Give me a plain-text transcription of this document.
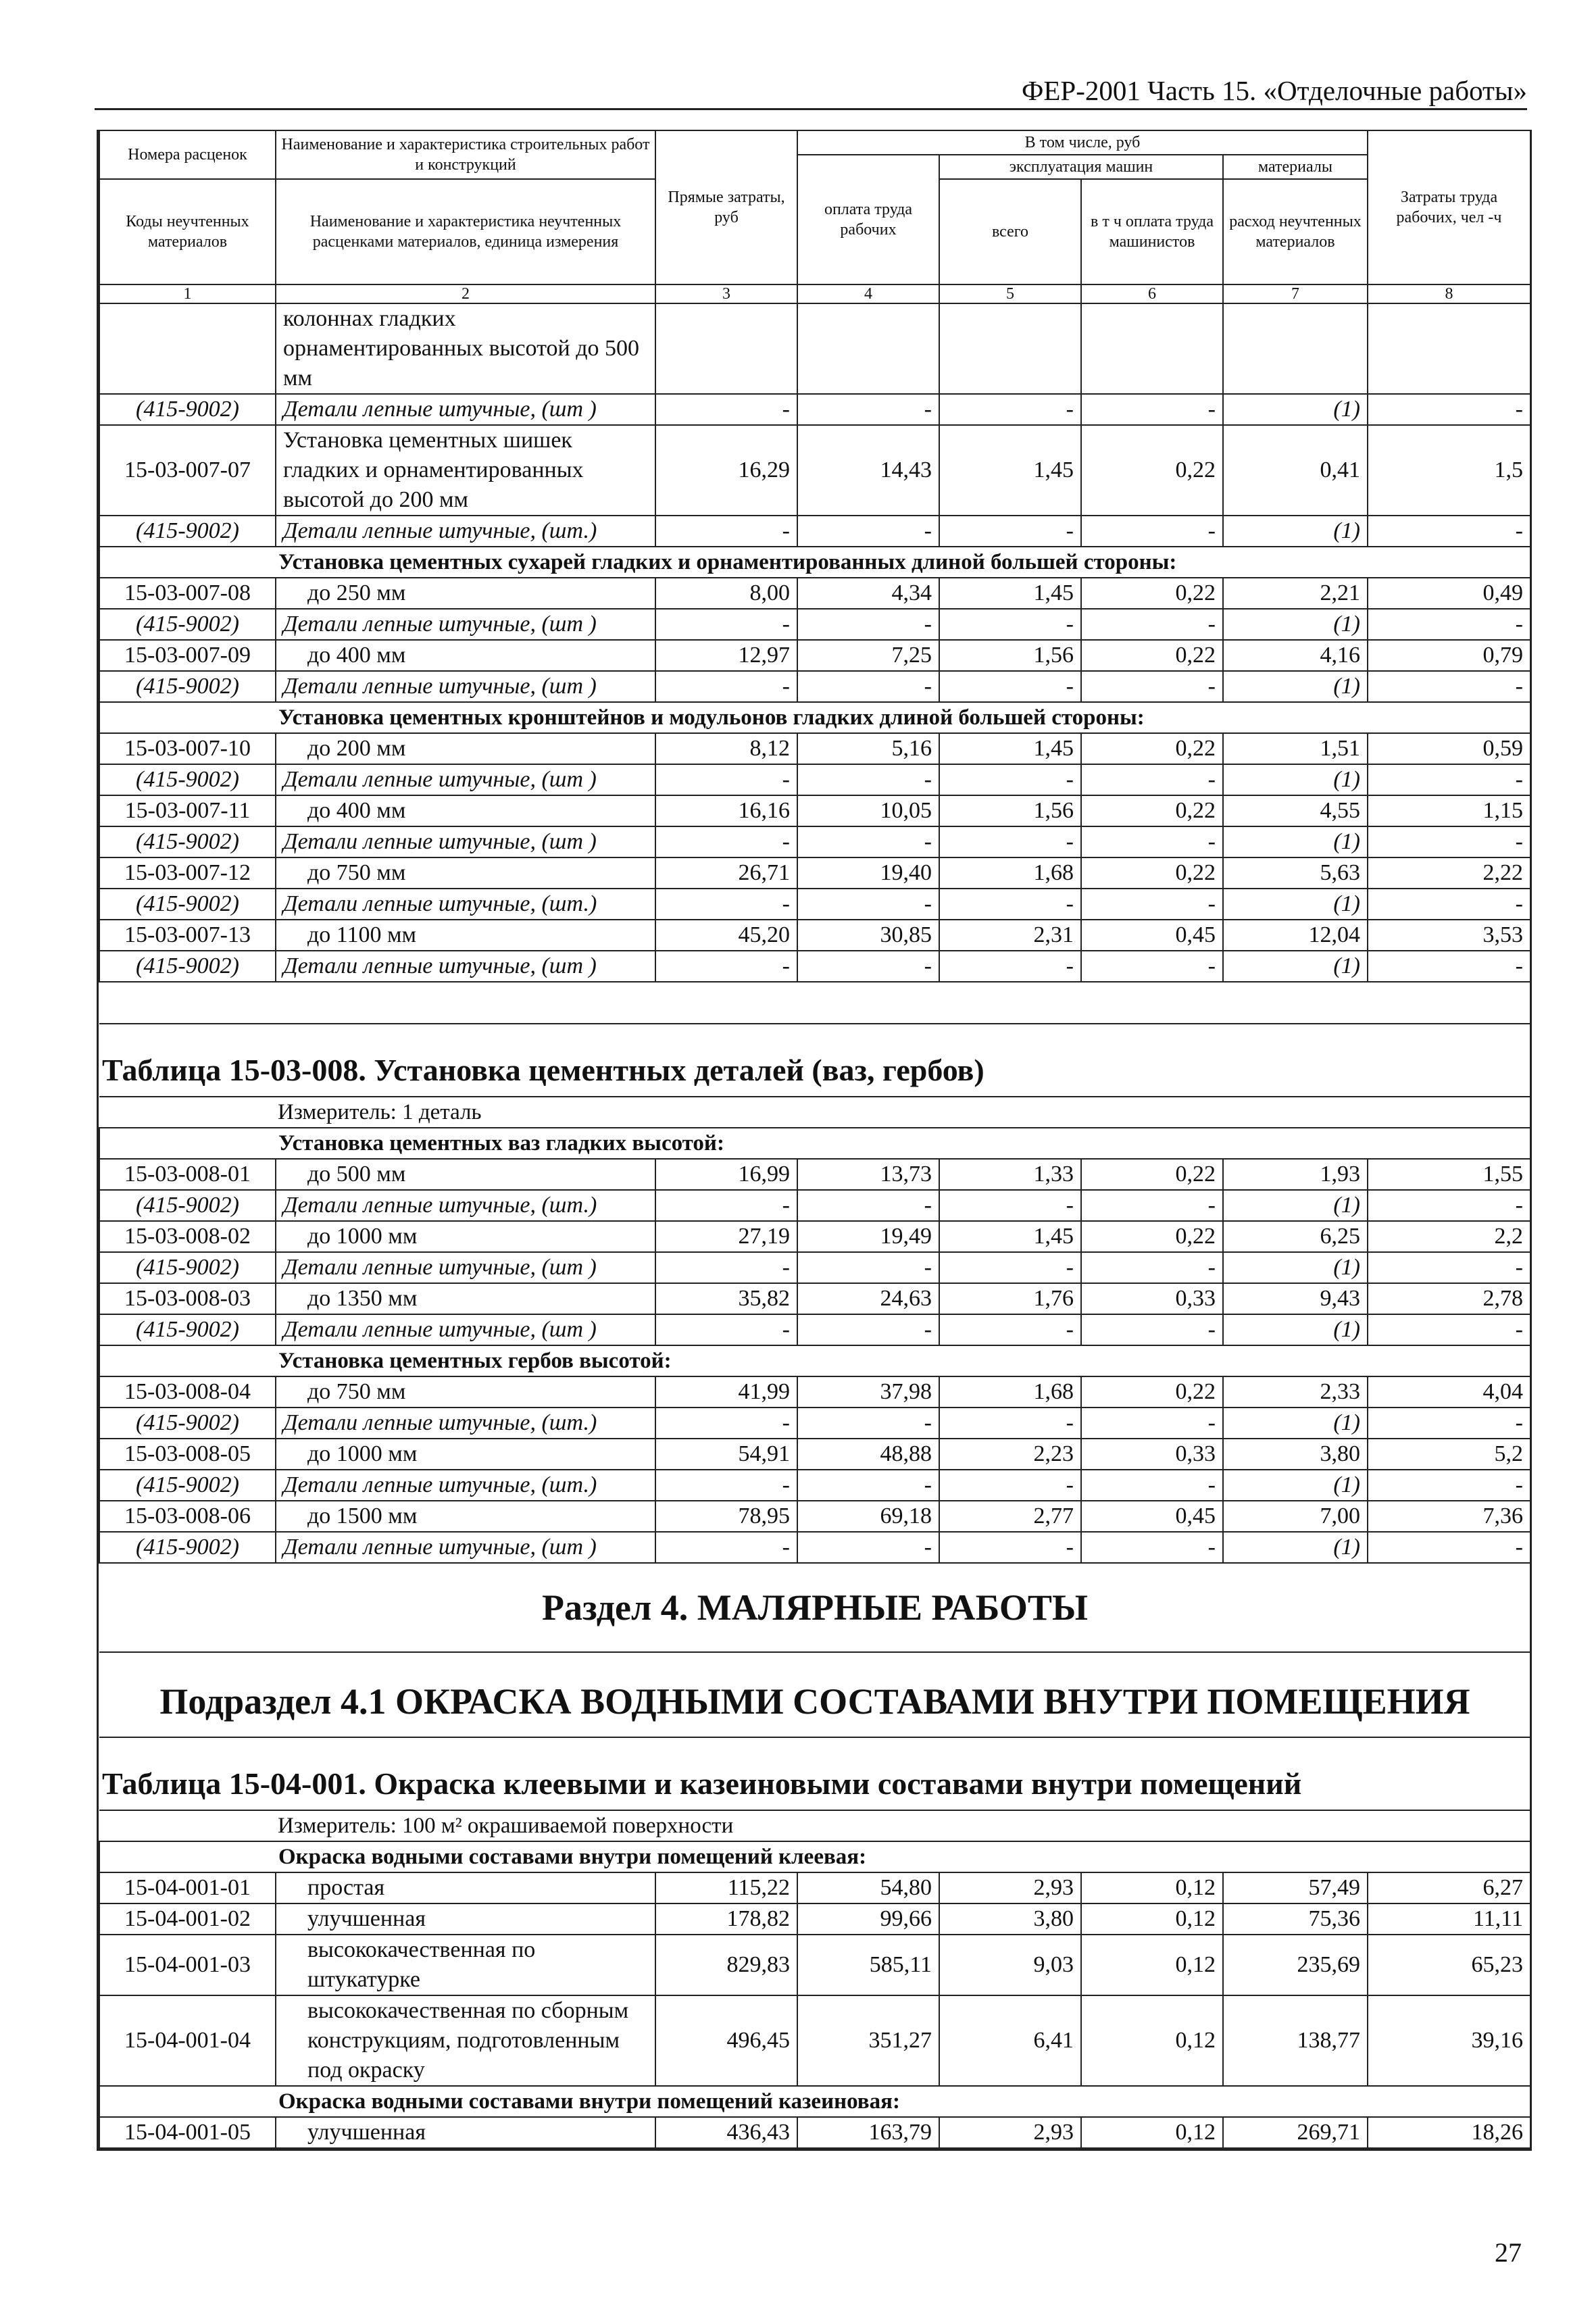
ФЕР-2001 Часть 15. «Отделочные работы»
Номера расценок	Наименование и характеристика строительных работ и конструкций	Прямые затраты, руб	В том числе, руб				Затраты труда рабочих, чел -ч
			оплата труда рабочих	эксплуатация машин		материалы	
Коды неучтенных материалов	Наименование и характеристика неучтенных расценками материалов, единица измерения			всего	в т ч оплата труда машинистов	расход неучтенных материалов	

1	2	3	4	5	6	7	8
	колоннах гладких орнаментированных высотой до 500 мм						
(415-9002)	Детали лепные штучные, (шт )	-	-	-	-	(1)	-
15-03-007-07	Установка цементных шишек гладких и орнаментированных высотой до 200 мм	16,29	14,43	1,45	0,22	0,41	1,5
(415-9002)	Детали лепные штучные, (шт.)	-	-	-	-	(1)	-
Установка цементных сухарей гладких и орнаментированных длиной большей стороны:							
15-03-007-08	до 250 мм	8,00	4,34	1,45	0,22	2,21	0,49
(415-9002)	Детали лепные штучные, (шт )	-	-	-	-	(1)	-
15-03-007-09	до 400 мм	12,97	7,25	1,56	0,22	4,16	0,79
(415-9002)	Детали лепные штучные, (шт )	-	-	-	-	(1)	-
Установка цементных кронштейнов и модульонов гладких длиной большей стороны:							
15-03-007-10	до 200 мм	8,12	5,16	1,45	0,22	1,51	0,59
(415-9002)	Детали лепные штучные, (шт )	-	-	-	-	(1)	-
15-03-007-11	до 400 мм	16,16	10,05	1,56	0,22	4,55	1,15
(415-9002)	Детали лепные штучные, (шт )	-	-	-	-	(1)	-
15-03-007-12	до 750 мм	26,71	19,40	1,68	0,22	5,63	2,22
(415-9002)	Детали лепные штучные, (шт.)	-	-	-	-	(1)	-
15-03-007-13	до 1100 мм	45,20	30,85	2,31	0,45	12,04	3,53
(415-9002)	Детали лепные штучные, (шт )	-	-	-	-	(1)	-

Таблица 15-03-008. Установка цементных деталей (ваз, гербов)							
Измеритель: 1 деталь							
Установка цементных ваз гладких высотой:							
15-03-008-01	до 500 мм	16,99	13,73	1,33	0,22	1,93	1,55
(415-9002)	Детали лепные штучные, (шт.)	-	-	-	-	(1)	-
15-03-008-02	до 1000 мм	27,19	19,49	1,45	0,22	6,25	2,2
(415-9002)	Детали лепные штучные, (шт )	-	-	-	-	(1)	-
15-03-008-03	до 1350 мм	35,82	24,63	1,76	0,33	9,43	2,78
(415-9002)	Детали лепные штучные, (шт )	-	-	-	-	(1)	-
Установка цементных гербов высотой:							
15-03-008-04	до 750 мм	41,99	37,98	1,68	0,22	2,33	4,04
(415-9002)	Детали лепные штучные, (шт.)	-	-	-	-	(1)	-
15-03-008-05	до 1000 мм	54,91	48,88	2,23	0,33	3,80	5,2
(415-9002)	Детали лепные штучные, (шт.)	-	-	-	-	(1)	-
15-03-008-06	до 1500 мм	78,95	69,18	2,77	0,45	7,00	7,36
(415-9002)	Детали лепные штучные, (шт )	-	-	-	-	(1)	-
Раздел 4. МАЛЯРНЫЕ РАБОТЫ							
Подраздел 4.1 ОКРАСКА ВОДНЫМИ СОСТАВАМИ ВНУТРИ ПОМЕЩЕНИЯ							
Таблица 15-04-001. Окраска клеевыми и казеиновыми составами внутри помещений							
Измеритель: 100 м² окрашиваемой поверхности							
Окраска водными составами внутри помещений клеевая:							
15-04-001-01	простая	115,22	54,80	2,93	0,12	57,49	6,27
15-04-001-02	улучшенная	178,82	99,66	3,80	0,12	75,36	11,11
15-04-001-03	высококачественная по штукатурке	829,83	585,11	9,03	0,12	235,69	65,23
15-04-001-04	высококачественная по сборным конструкциям, подготовленным под окраску	496,45	351,27	6,41	0,12	138,77	39,16
Окраска водными составами внутри помещений казеиновая:							
15-04-001-05	улучшенная	436,43	163,79	2,93	0,12	269,71	18,26
27
